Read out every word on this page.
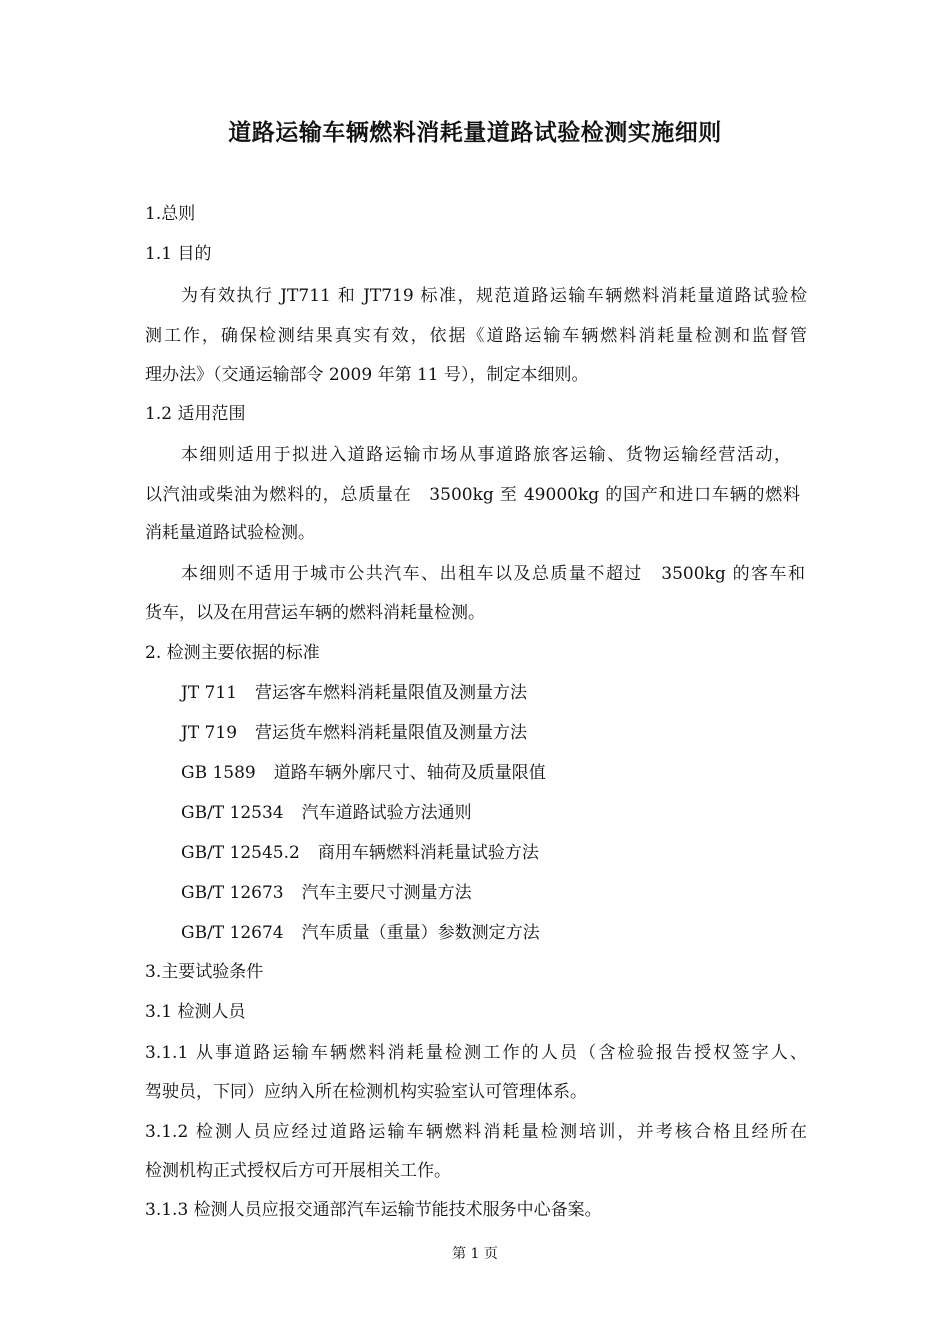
道路运输车辆燃料消耗量道路试验检测实施细则

1.总则

1.1 目的

为有效执行 JT711 和 JT719 标准，规范道路运输车辆燃料消耗量道路试验检

测工作，确保检测结果真实有效，依据《道路运输车辆燃料消耗量检测和监督管

理办法》（交通运输部令 2009 年第 11 号），制定本细则。

1.2 适用范围

本细则适用于拟进入道路运输市场从事道路旅客运输、货物运输经营活动，

以汽油或柴油为燃料的，总质量在　3500kg 至 49000kg 的国产和进口车辆的燃料

消耗量道路试验检测。

本细则不适用于城市公共汽车、出租车以及总质量不超过　3500kg 的客车和

货车，以及在用营运车辆的燃料消耗量检测。

2. 检测主要依据的标准

JT 711 营运客车燃料消耗量限值及测量方法
JT 719 营运货车燃料消耗量限值及测量方法
GB 1589 道路车辆外廓尺寸、轴荷及质量限值
GB/T 12534 汽车道路试验方法通则
GB/T 12545.2 商用车辆燃料消耗量试验方法
GB/T 12673 汽车主要尺寸测量方法
GB/T 12674 汽车质量（重量）参数测定方法

3.主要试验条件

3.1 检测人员

3.1.1 从事道路运输车辆燃料消耗量检测工作的人员（含检验报告授权签字人、

驾驶员，下同）应纳入所在检测机构实验室认可管理体系。

3.1.2 检测人员应经过道路运输车辆燃料消耗量检测培训，并考核合格且经所在

检测机构正式授权后方可开展相关工作。

3.1.3 检测人员应报交通部汽车运输节能技术服务中心备案。

第 1 页
